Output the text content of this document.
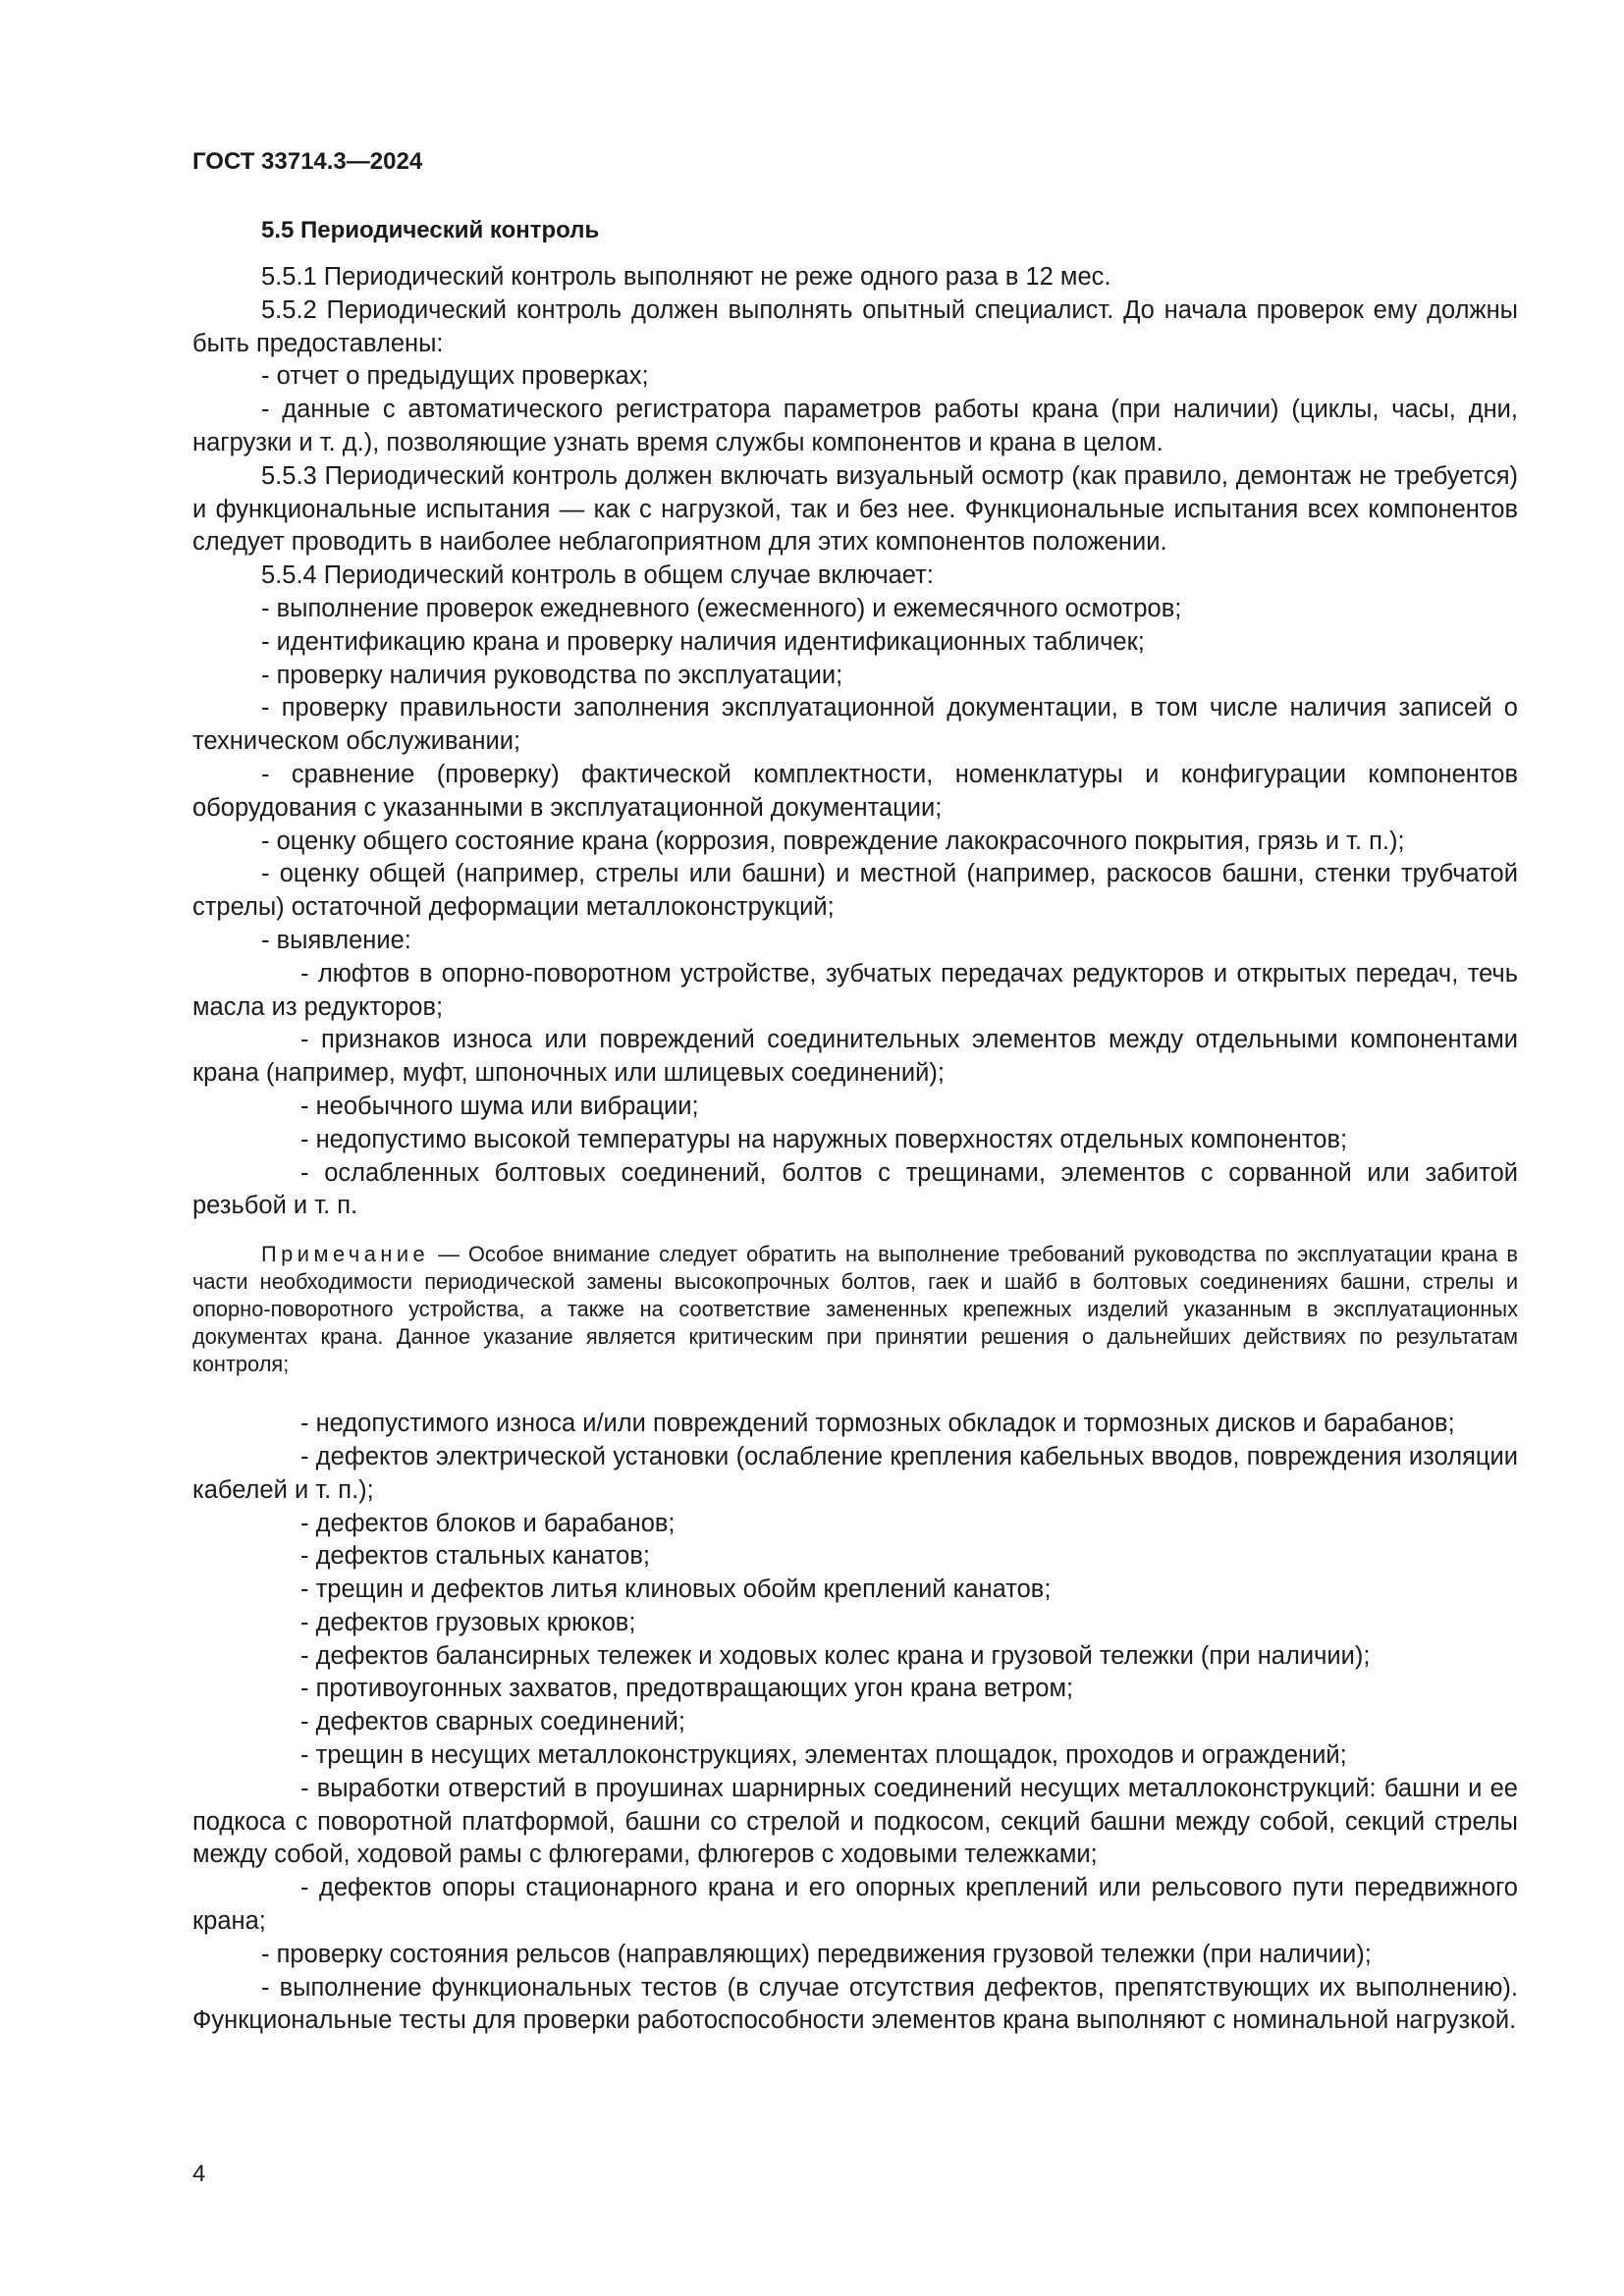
ГОСТ 33714.3—2024
5.5 Периодический контроль

5.5.1 Периодический контроль выполняют не реже одного раза в 12 мес.

5.5.2 Периодический контроль должен выполнять опытный специалист. До начала проверок ему должны быть предоставлены:

- отчет о предыдущих проверках;

- данные с автоматического регистратора параметров работы крана (при наличии) (циклы, часы, дни, нагрузки и т. д.), позволяющие узнать время службы компонентов и крана в целом.

5.5.3 Периодический контроль должен включать визуальный осмотр (как правило, демонтаж не требуется) и функциональные испытания — как с нагрузкой, так и без нее. Функциональные испытания всех компонентов следует проводить в наиболее неблагоприятном для этих компонентов положении.

5.5.4 Периодический контроль в общем случае включает:

- выполнение проверок ежедневного (ежесменного) и ежемесячного осмотров;

- идентификацию крана и проверку наличия идентификационных табличек;

- проверку наличия руководства по эксплуатации;

- проверку правильности заполнения эксплуатационной документации, в том числе наличия записей о техническом обслуживании;

- сравнение (проверку) фактической комплектности, номенклатуры и конфигурации компонентов оборудования с указанными в эксплуатационной документации;

- оценку общего состояние крана (коррозия, повреждение лакокрасочного покрытия, грязь и т. п.);

- оценку общей (например, стрелы или башни) и местной (например, раскосов башни, стенки трубчатой стрелы) остаточной деформации металлоконструкций;

- выявление:

- люфтов в опорно-поворотном устройстве, зубчатых передачах редукторов и открытых передач, течь масла из редукторов;

- признаков износа или повреждений соединительных элементов между отдельными компонентами крана (например, муфт, шпоночных или шлицевых соединений);

- необычного шума или вибрации;

- недопустимо высокой температуры на наружных поверхностях отдельных компонентов;

- ослабленных болтовых соединений, болтов с трещинами, элементов с сорванной или забитой резьбой и т. п.

Примечание — Особое внимание следует обратить на выполнение требований руководства по эксплуатации крана в части необходимости периодической замены высокопрочных болтов, гаек и шайб в болтовых соединениях башни, стрелы и опорно-поворотного устройства, а также на соответствие замененных крепежных изделий указанным в эксплуатационных документах крана. Данное указание является критическим при принятии решения о дальнейших действиях по результатам контроля;

- недопустимого износа и/или повреждений тормозных обкладок и тормозных дисков и барабанов;

- дефектов электрической установки (ослабление крепления кабельных вводов, повреждения изоляции кабелей и т. п.);

- дефектов блоков и барабанов;

- дефектов стальных канатов;

- трещин и дефектов литья клиновых обойм креплений канатов;

- дефектов грузовых крюков;

- дефектов балансирных тележек и ходовых колес крана и грузовой тележки (при наличии);

- противоугонных захватов, предотвращающих угон крана ветром;

- дефектов сварных соединений;

- трещин в несущих металлоконструкциях, элементах площадок, проходов и ограждений;

- выработки отверстий в проушинах шарнирных соединений несущих металлоконструкций: башни и ее подкоса с поворотной платформой, башни со стрелой и подкосом, секций башни между собой, секций стрелы между собой, ходовой рамы с флюгерами, флюгеров с ходовыми тележками;

- дефектов опоры стационарного крана и его опорных креплений или рельсового пути передвижного крана;

- проверку состояния рельсов (направляющих) передвижения грузовой тележки (при наличии);

- выполнение функциональных тестов (в случае отсутствия дефектов, препятствующих их выполнению). Функциональные тесты для проверки работоспособности элементов крана выполняют с номинальной нагрузкой.

4
